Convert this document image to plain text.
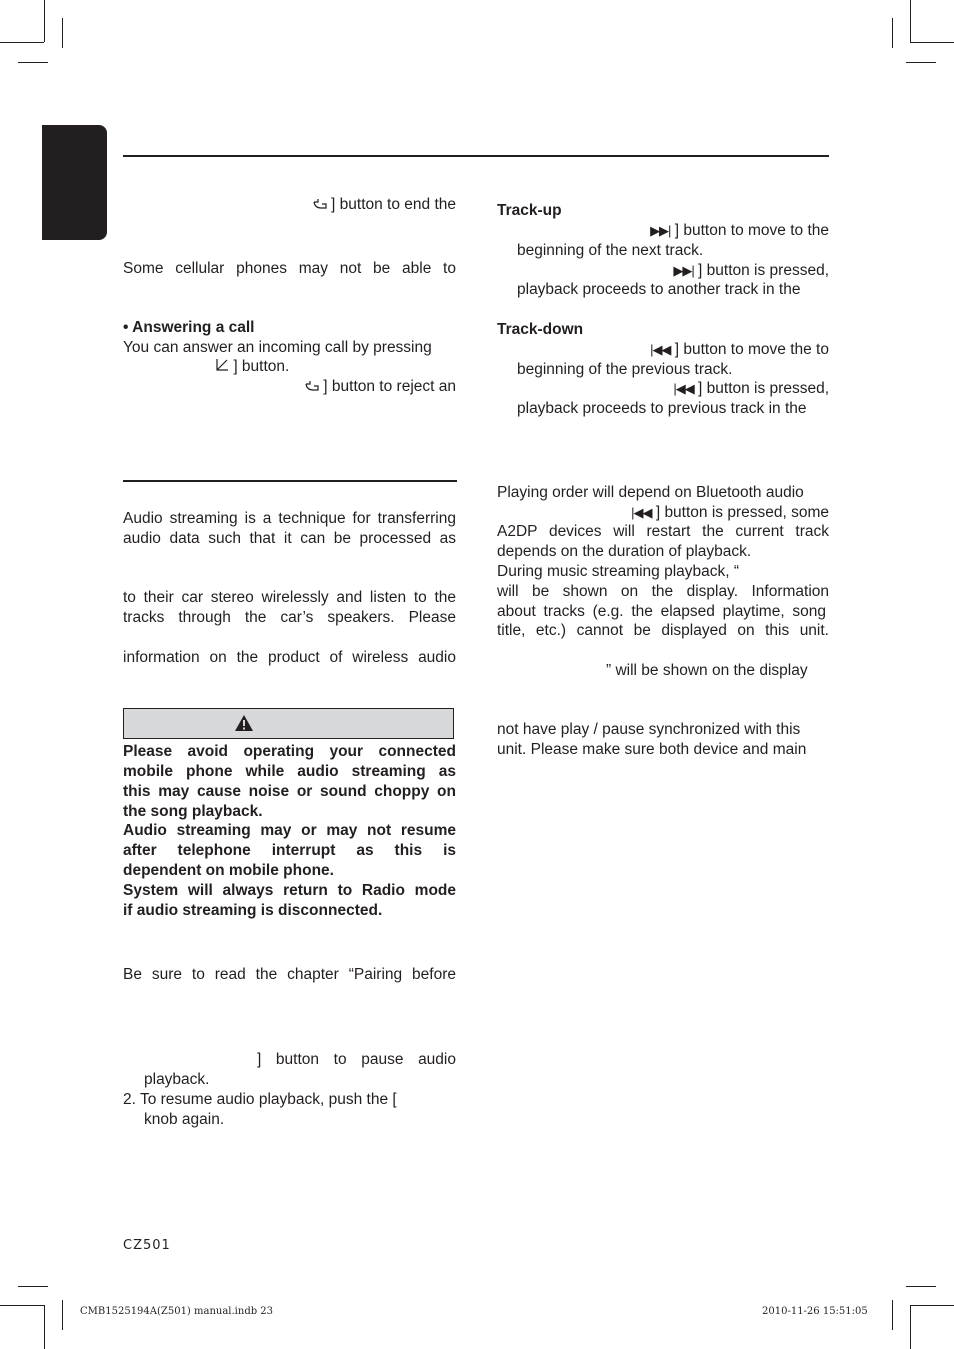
] button to end the
Some cellular phones may not be able to
• Answering a call
You can answer an incoming call by pressing
] button.
] button to reject an
Audio streaming is a technique for transferring
audio data such that it can be processed as
to their car stereo wirelessly and listen to the
tracks through the car’s speakers. Please
information on the product of wireless audio
Please avoid operating your connected
mobile phone while audio streaming as
this may cause noise or sound choppy on
the song playback.
Audio streaming may or may not resume
after telephone interrupt as this is
dependent on mobile phone.
System will always return to Radio mode
if audio streaming is disconnected.
Be sure to read the chapter “Pairing before
] button to pause audio
playback.
2. To resume audio playback, push the [
knob again.
Track-up
▶▶| ] button to move to the
beginning of the next track.
▶▶| ] button is pressed,
playback proceeds to another track in the
Track-down
|◀◀ ] button to move the to
beginning of the previous track.
|◀◀ ] button is pressed,
playback proceeds to previous track in the
Playing order will depend on Bluetooth audio
|◀◀ ] button is pressed, some
A2DP devices will restart the current track
depends on the duration of playback.
During music streaming playback, “
will be shown on the display. Information
about tracks (e.g. the elapsed playtime, song
title, etc.) cannot be displayed on this unit.
” will be shown on the display
not have play / pause synchronized with this
unit. Please make sure both device and main
CZ501
CMB1525194A(Z501) manual.indb 23	2010-11-26 15:51:05
